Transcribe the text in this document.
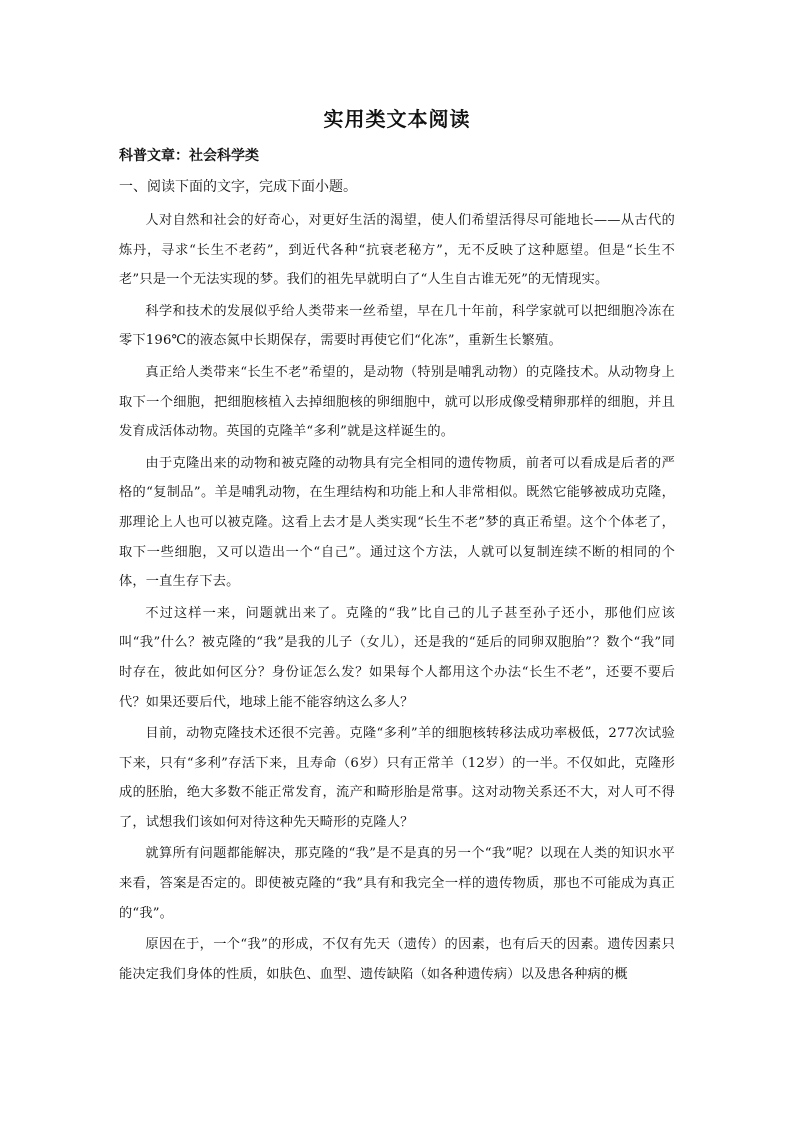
实用类文本阅读
科普文章：社会科学类
一、阅读下面的文字，完成下面小题。

人对自然和社会的好奇心，对更好生活的渴望，使人们希望活得尽可能地长——从古代的炼丹，寻求“长生不老药”，到近代各种“抗衰老秘方”，无不反映了这种愿望。但是“长生不老”只是一个无法实现的梦。我们的祖先早就明白了“人生自古谁无死”的无情现实。

科学和技术的发展似乎给人类带来一丝希望，早在几十年前，科学家就可以把细胞冷冻在零下196℃的液态氮中长期保存，需要时再使它们“化冻”，重新生长繁殖。

真正给人类带来“长生不老”希望的，是动物（特别是哺乳动物）的克隆技术。从动物身上取下一个细胞，把细胞核植入去掉细胞核的卵细胞中，就可以形成像受精卵那样的细胞，并且发育成活体动物。英国的克隆羊“多利”就是这样诞生的。

由于克隆出来的动物和被克隆的动物具有完全相同的遗传物质，前者可以看成是后者的严格的“复制品”。羊是哺乳动物，在生理结构和功能上和人非常相似。既然它能够被成功克隆，那理论上人也可以被克隆。这看上去才是人类实现“长生不老”梦的真正希望。这个个体老了，取下一些细胞，又可以造出一个“自己”。通过这个方法，人就可以复制连续不断的相同的个体，一直生存下去。

不过这样一来，问题就出来了。克隆的“我”比自己的儿子甚至孙子还小，那他们应该叫“我”什么？被克隆的“我”是我的儿子（女儿），还是我的“延后的同卵双胞胎”？数个“我”同时存在，彼此如何区分？身份证怎么发？如果每个人都用这个办法“长生不老”，还要不要后代？如果还要后代，地球上能不能容纳这么多人？

目前，动物克隆技术还很不完善。克隆“多利”羊的细胞核转移法成功率极低，277次试验下来，只有“多利”存活下来，且寿命（6岁）只有正常羊（12岁）的一半。不仅如此，克隆形成的胚胎，绝大多数不能正常发育，流产和畸形胎是常事。这对动物关系还不大，对人可不得了，试想我们该如何对待这种先天畸形的克隆人？

就算所有问题都能解决，那克隆的“我”是不是真的另一个“我”呢？以现在人类的知识水平来看，答案是否定的。即使被克隆的“我”具有和我完全一样的遗传物质，那也不可能成为真正的“我”。

原因在于，一个“我”的形成，不仅有先天（遗传）的因素，也有后天的因素。遗传因素只能决定我们身体的性质，如肤色、血型、遗传缺陷（如各种遗传病）以及患各种病的概
